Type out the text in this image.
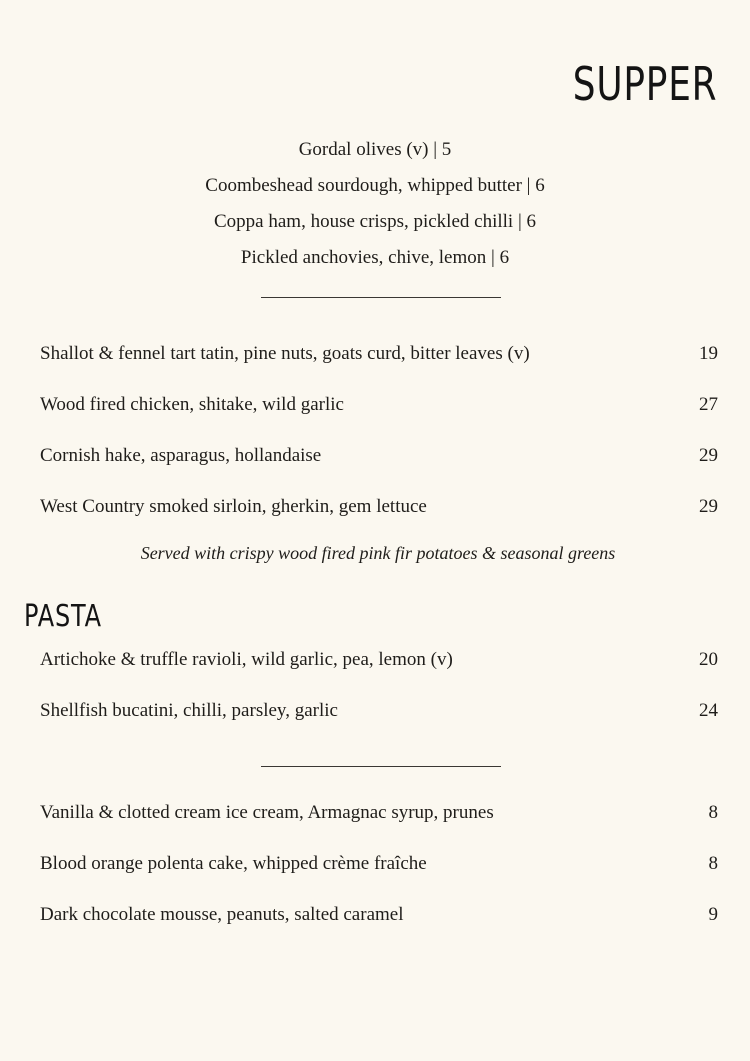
SUPPER
Gordal olives (v) | 5
Coombeshead sourdough, whipped butter | 6
Coppa ham, house crisps, pickled chilli | 6
Pickled anchovies, chive, lemon | 6
Shallot & fennel tart tatin, pine nuts, goats curd, bitter leaves (v)	19
Wood fired chicken, shitake, wild garlic	27
Cornish hake, asparagus, hollandaise	29
West Country smoked sirloin, gherkin, gem lettuce	29
Served with crispy wood fired pink fir potatoes & seasonal greens
PASTA
Artichoke & truffle ravioli, wild garlic, pea, lemon (v)	20
Shellfish bucatini, chilli, parsley, garlic	24
Vanilla & clotted cream ice cream, Armagnac syrup, prunes	8
Blood orange polenta cake, whipped crème fraîche	8
Dark chocolate mousse, peanuts, salted caramel	9
